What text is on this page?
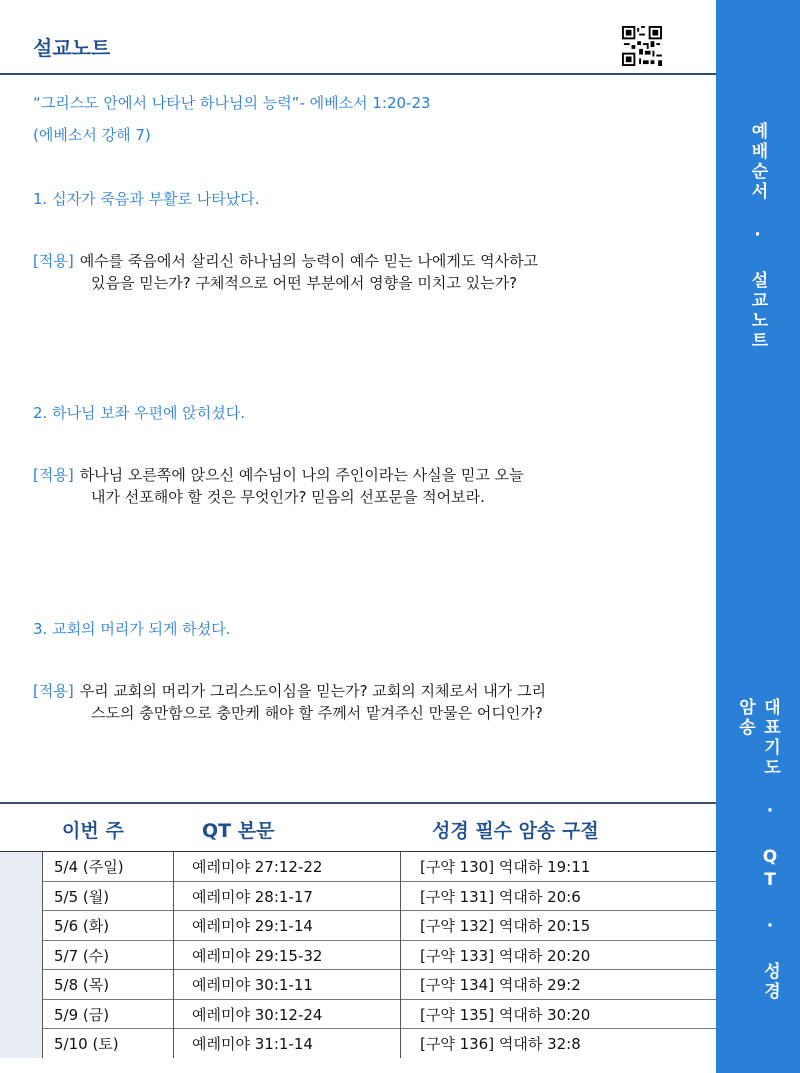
예배순서 · 설교노트
대표기도 · QT · 성경암송
설교노트
“그리스도 안에서 나타난 하나님의 능력”- 에베소서 1:20-23
(에베소서 강해 7)
1. 십자가 죽음과 부활로 나타났다.
[적용] 예수를 죽음에서 살리신 하나님의 능력이 예수 믿는 나에게도 역사하고
있음을 믿는가? 구체적으로 어떤 부분에서 영향을 미치고 있는가?
2. 하나님 보좌 우편에 앉히셨다.
[적용] 하나님 오른쪽에 앉으신 예수님이 나의 주인이라는 사실을 믿고 오늘
내가 선포해야 할 것은 무엇인가? 믿음의 선포문을 적어보라.
3. 교회의 머리가 되게 하셨다.
[적용] 우리 교회의 머리가 그리스도이심을 믿는가? 교회의 지체로서 내가 그리
스도의 충만함으로 충만케 해야 할 주께서 맡겨주신 만물은 어디인가?
이번 주	QT 본문	성경 필수 암송 구절
5/4 (주일)	예레미야 27:12-22	[구약 130] 역대하 19:11
5/5 (월)	예레미야 28:1-17	[구약 131] 역대하 20:6
5/6 (화)	예레미야 29:1-14	[구약 132] 역대하 20:15
5/7 (수)	예레미야 29:15-32	[구약 133] 역대하 20:20
5/8 (목)	예레미야 30:1-11	[구약 134] 역대하 29:2
5/9 (금)	예레미야 30:12-24	[구약 135] 역대하 30:20
5/10 (토)	예레미야 31:1-14	[구약 136] 역대하 32:8
